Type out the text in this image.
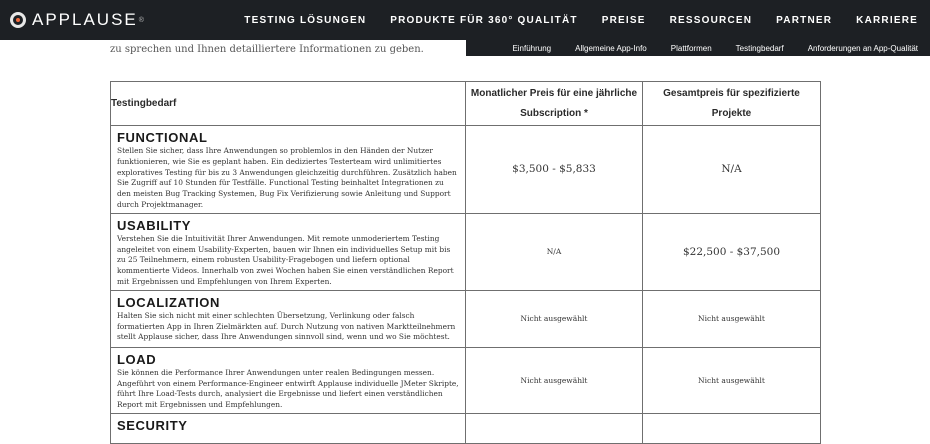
APPLAUSE ®	TESTING LÖSUNGEN	PRODUKTE FÜR 360° QUALITÄT	PREISE	RESSOURCEN	PARTNER	KARRIERE
Einführung	Allgemeine App-Info	Plattformen	Testingbedarf	Anforderungen an App-Qualität
zu sprechen und Ihnen detailliertere Informationen zu geben.
Testingbedarf	Monatlicher Preis für eine jährliche Subscription *	Gesamtpreis für spezifizierte Projekte

FUNCTIONAL
Stellen Sie sicher, dass Ihre Anwendungen so problemlos in den Händen der Nutzer funktionieren, wie Sie es geplant haben. Ein dediziertes Testerteam wird unlimitiertes exploratives Testing für bis zu 3 Anwendungen gleichzeitig durchführen. Zusätzlich haben Sie Zugriff auf 10 Stunden für Testfälle. Functional Testing beinhaltet Integrationen zu den meisten Bug Tracking Systemen, Bug Fix Verifizierung sowie Anleitung und Support durch Projektmanager.	$3,500 - $5,833	N/A

USABILITY
Verstehen Sie die Intuitivität Ihrer Anwendungen. Mit remote unmoderiertem Testing angeleitet von einem Usability-Experten, bauen wir Ihnen ein individuelles Setup mit bis zu 25 Teilnehmern, einem robusten Usability-Fragebogen und liefern optional kommentierte Videos. Innerhalb von zwei Wochen haben Sie einen verständlichen Report mit Ergebnissen und Empfehlungen von Ihrem Experten.	N/A	$22,500 - $37,500

LOCALIZATION
Halten Sie sich nicht mit einer schlechten Übersetzung, Verlinkung oder falsch formatierten App in Ihren Zielmärkten auf. Durch Nutzung von nativen Marktteilnehmern stellt Applause sicher, dass Ihre Anwendungen sinnvoll sind, wenn und wo Sie möchtest.	Nicht ausgewählt	Nicht ausgewählt

LOAD
Sie können die Performance Ihrer Anwendungen unter realen Bedingungen messen. Angeführt von einem Performance-Engineer entwirft Applause individuelle JMeter Skripte, führt Ihre Load-Tests durch, analysiert die Ergebnisse und liefert einen verständlichen Report mit Ergebnissen und Empfehlungen.	Nicht ausgewählt	Nicht ausgewählt

SECURITY		
